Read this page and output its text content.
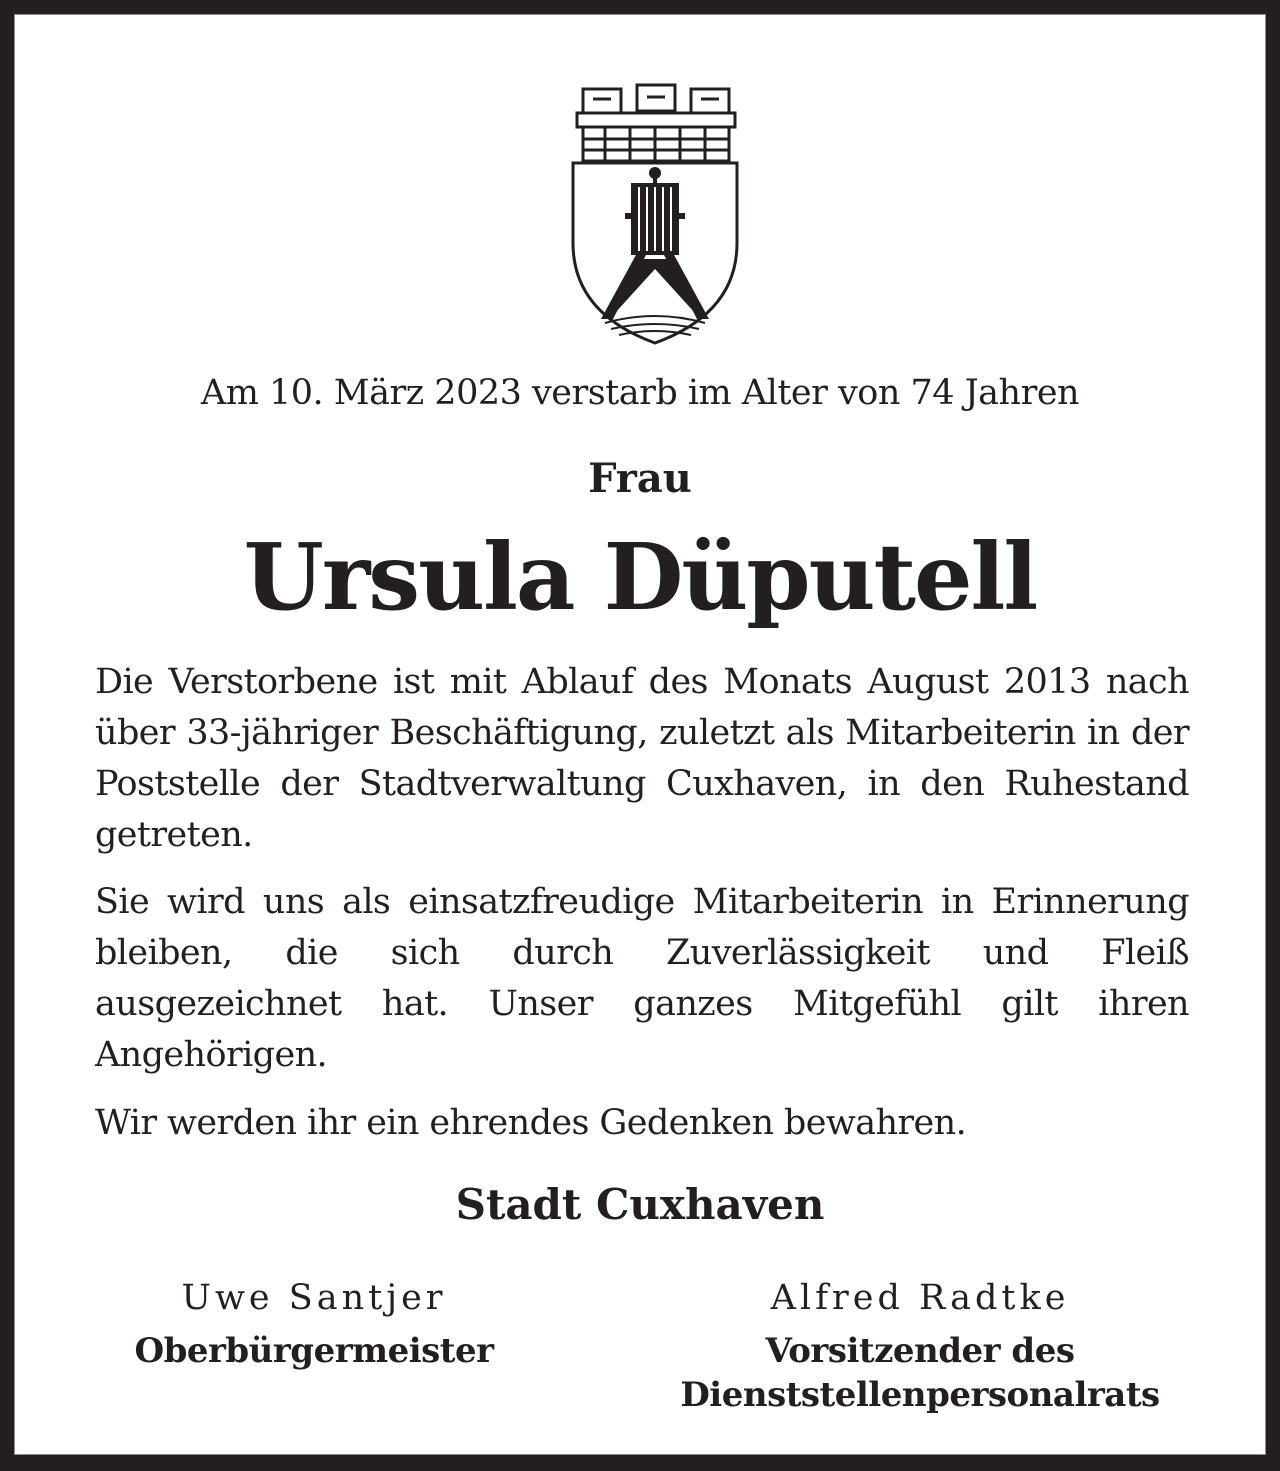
Am 10. März 2023 verstarb im Alter von 74 Jahren
Frau
Ursula Düputell
Die Verstorbene ist mit Ablauf des Monats August 2013 nach über 33-jähriger Beschäftigung, zuletzt als Mitarbeiterin in der Poststelle der Stadtverwaltung Cuxhaven, in den Ruhestand getreten.
Sie wird uns als einsatzfreudige Mitarbeiterin in Erinnerung bleiben, die sich durch Zuverlässigkeit und Fleiß ausgezeichnet hat. Unser ganzes Mitgefühl gilt ihren Angehörigen.
Wir werden ihr ein ehrendes Gedenken bewahren.
Stadt Cuxhaven
Uwe Santjer
Oberbürgermeister
Alfred Radtke
Vorsitzender des Dienststellenpersonalrats
